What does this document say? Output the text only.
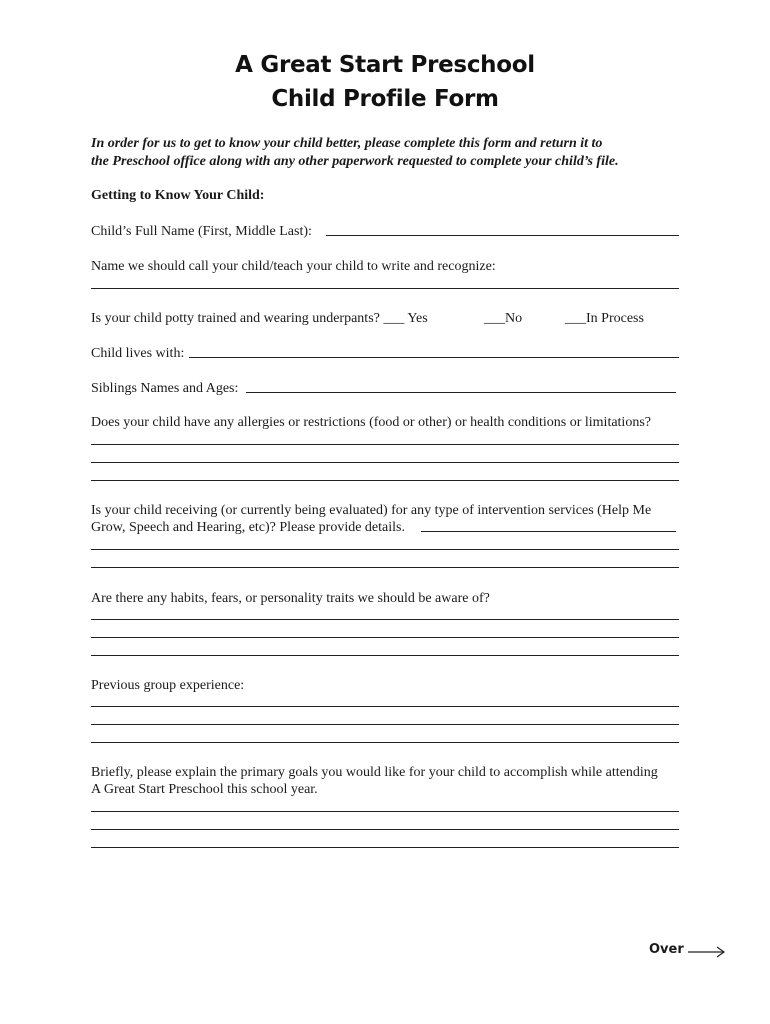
A Great Start Preschool
Child Profile Form
In order for us to get to know your child better, please complete this form and return it to
the Preschool office along with any other paperwork requested to complete your child’s file.
Getting to Know Your Child:
Child’s Full Name (First, Middle Last):
Name we should call your child/teach your child to write and recognize:
Is your child potty trained and wearing underpants? ___ Yes	___No	___In Process
Child lives with:
Siblings Names and Ages:
Does your child have any allergies or restrictions (food or other) or health conditions or limitations?
Is your child receiving (or currently being evaluated) for any type of intervention services (Help Me
Grow, Speech and Hearing, etc)? Please provide details.
Are there any habits, fears, or personality traits we should be aware of?
Previous group experience:
Briefly, please explain the primary goals you would like for your child to accomplish while attending
A Great Start Preschool this school year.
Over
